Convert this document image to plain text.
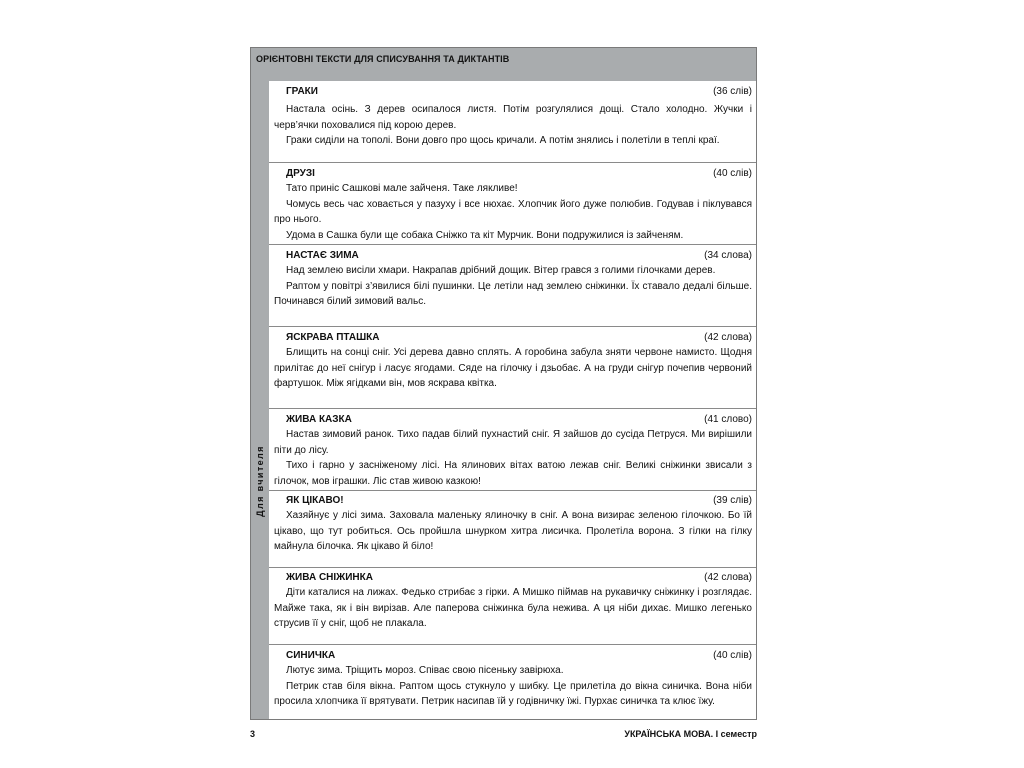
ОРІЄНТОВНІ ТЕКСТИ ДЛЯ СПИСУВАННЯ ТА ДИКТАНТІВ
Для вчителя
ГРАКИ	(36 слів)

Настала осінь. З дерев осипалося листя. Потім розгулялися дощі. Стало холодно. Жучки і черв’ячки поховалися під корою дерев.

Граки сиділи на тополі. Вони довго про щось кричали. А потім знялись і полетіли в теплі краї.

ДРУЗІ	(40 слів)

Тато приніс Сашкові мале зайченя. Таке лякливе!

Чомусь весь час ховається у пазуху і все нюхає. Хлопчик його дуже полюбив. Годував і піклувався про нього.

Удома в Сашка були ще собака Сніжко та кіт Мурчик. Вони подружилися із зайченям.

НАСТАЄ ЗИМА	(34 слова)

Над землею висіли хмари. Накрапав дрібний дощик. Вітер грався з голими гілочками дерев.

Раптом у повітрі з’явилися білі пушинки. Це летіли над землею сніжинки. Їх ставало дедалі більше. Починався білий зимовий вальс.

ЯСКРАВА ПТАШКА	(42 слова)

Блищить на сонці сніг. Усі дерева давно сплять. А горобина забула зняти червоне намисто. Щодня прилітає до неї снігур і ласує ягодами. Сяде на гілочку і дзьобає. А на груди снігур почепив червоний фартушок. Між ягідками він, мов яскрава квітка.

ЖИВА КАЗКА	(41 слово)

Настав зимовий ранок. Тихо падав білий пухнастий сніг. Я зайшов до сусіда Петруся. Ми вирішили піти до лісу.

Тихо і гарно у засніженому лісі. На ялинових вітах ватою лежав сніг. Великі сніжинки звисали з гілочок, мов іграшки. Ліс став живою казкою!

ЯК ЦІКАВО!	(39 слів)

Хазяйнує у лісі зима. Заховала маленьку ялиночку в сніг. А вона визирає зеленою гілочкою. Бо їй цікаво, що тут робиться. Ось пройшла шнурком хитра лисичка. Пролетіла ворона. З гілки на гілку майнула білочка. Як цікаво й біло!

ЖИВА СНІЖИНКА	(42 слова)

Діти каталися на лижах. Федько стрибає з гірки. А Мишко піймав на рукавичку сніжинку і розглядає. Майже така, як і він вирізав. Але паперова сніжинка була нежива. А ця ніби дихає. Мишко легенько струсив її у сніг, щоб не плакала.

СИНИЧКА	(40 слів)

Лютує зима. Тріщить мороз. Співає свою пісеньку завірюха.

Петрик став біля вікна. Раптом щось стукнуло у шибку. Це прилетіла до вікна синичка. Вона ніби просила хлопчика її врятувати. Петрик насипав їй у годівничку їжі. Пурхає синичка та клює їжу.

3	УКРАЇНСЬКА МОВА. І семестр
